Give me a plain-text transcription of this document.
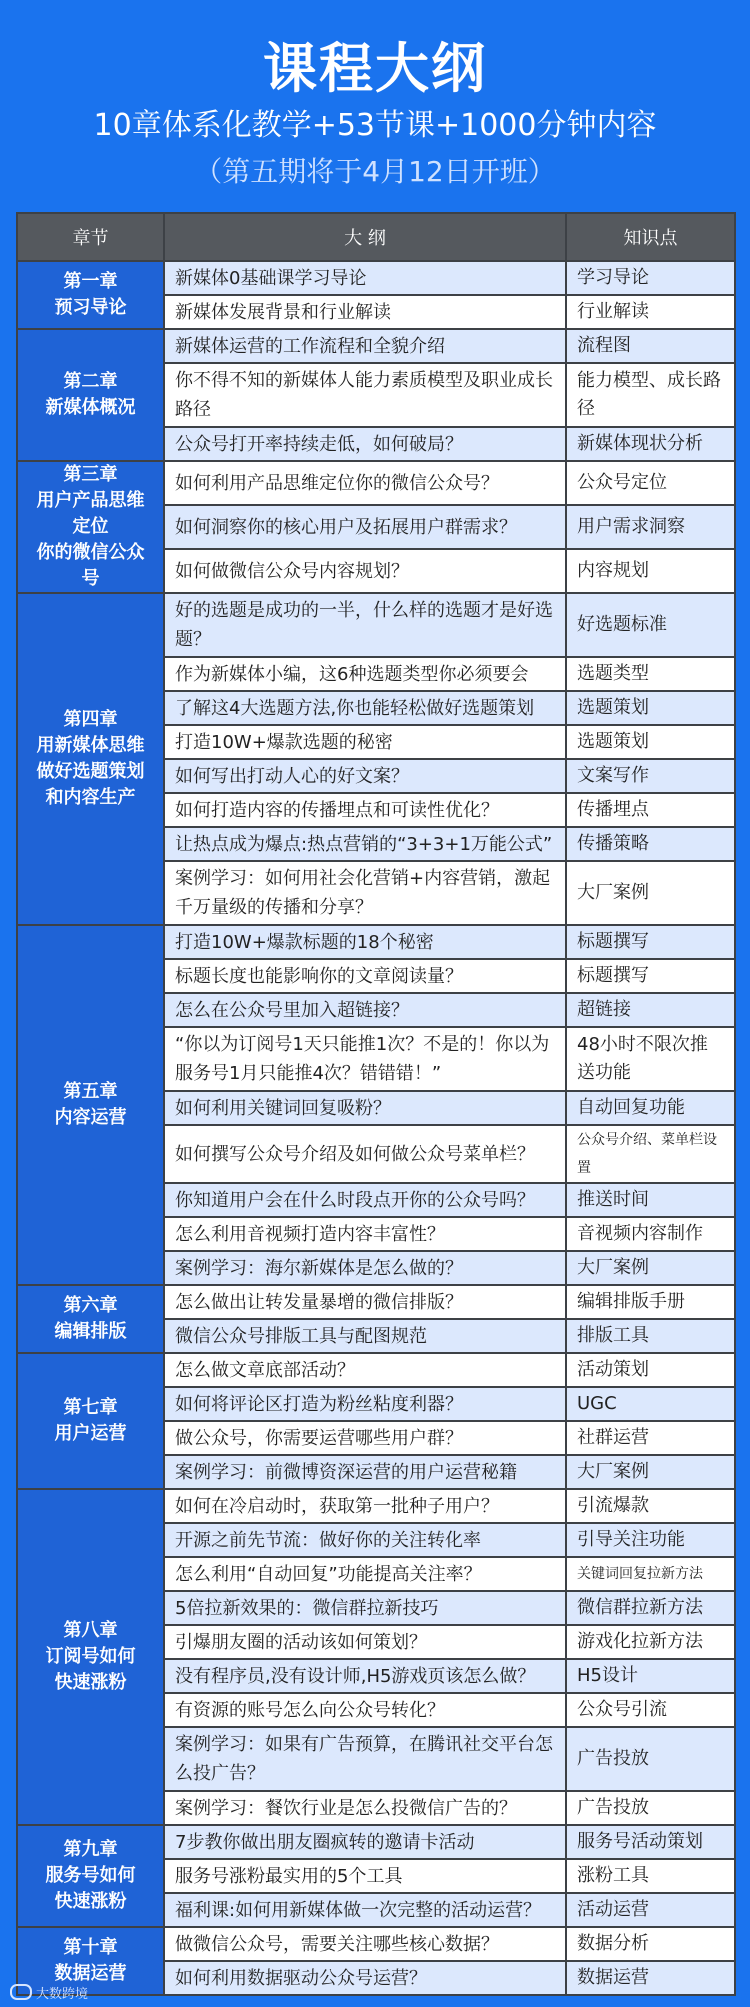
课程大纲
10章体系化教学+53节课+1000分钟内容
（第五期将于4月12日开班）
章节	大 纲	知识点

第一章
预习导论	新媒体0基础课学习导论	学习导论
	新媒体发展背景和行业解读	行业解读

第二章
新媒体概况	新媒体运营的工作流程和全貌介绍	流程图
	你不得不知的新媒体人能力素质模型及职业成长路径	能力模型、成长路径
	公众号打开率持续走低，如何破局？	新媒体现状分析

第三章
用户产品思维定位
你的微信公众号	如何利用产品思维定位你的微信公众号？	公众号定位
	如何洞察你的核心用户及拓展用户群需求？	用户需求洞察
	如何做微信公众号内容规划？	内容规划

第四章
用新媒体思维
做好选题策划
和内容生产	好的选题是成功的一半，什么样的选题才是好选题？	好选题标准
	作为新媒体小编，这6种选题类型你必须要会	选题类型
	了解这4大选题方法,你也能轻松做好选题策划	选题策划
	打造10W+爆款选题的秘密	选题策划
	如何写出打动人心的好文案？	文案写作
	如何打造内容的传播埋点和可读性优化？	传播埋点
	让热点成为爆点:热点营销的“3+3+1万能公式”	传播策略
	案例学习：如何用社会化营销+内容营销，激起千万量级的传播和分享？	大厂案例

第五章
内容运营	打造10W+爆款标题的18个秘密	标题撰写
	标题长度也能影响你的文章阅读量？	标题撰写
	怎么在公众号里加入超链接？	超链接
	“你以为订阅号1天只能推1次？不是的！你以为服务号1月只能推4次？错错错！”	48小时不限次推送功能
	如何利用关键词回复吸粉？	自动回复功能
	如何撰写公众号介绍及如何做公众号菜单栏？	公众号介绍、菜单栏设置
	你知道用户会在什么时段点开你的公众号吗？	推送时间
	怎么利用音视频打造内容丰富性？	音视频内容制作
	案例学习：海尔新媒体是怎么做的？	大厂案例

第六章
编辑排版	怎么做出让转发量暴增的微信排版？	编辑排版手册
	微信公众号排版工具与配图规范	排版工具

第七章
用户运营	怎么做文章底部活动？	活动策划
	如何将评论区打造为粉丝粘度利器？	UGC
	做公众号，你需要运营哪些用户群？	社群运营
	案例学习：前微博资深运营的用户运营秘籍	大厂案例

第八章
订阅号如何
快速涨粉	如何在冷启动时，获取第一批种子用户？	引流爆款
	开源之前先节流：做好你的关注转化率	引导关注功能
	怎么利用“自动回复”功能提高关注率？	关键词回复拉新方法
	5倍拉新效果的：微信群拉新技巧	微信群拉新方法
	引爆朋友圈的活动该如何策划？	游戏化拉新方法
	没有程序员,没有设计师,H5游戏页该怎么做？	H5设计
	有资源的账号怎么向公众号转化？	公众号引流
	案例学习：如果有广告预算，在腾讯社交平台怎么投广告？	广告投放
	案例学习：餐饮行业是怎么投微信广告的？	广告投放

第九章
服务号如何
快速涨粉	7步教你做出朋友圈疯转的邀请卡活动	服务号活动策划
	服务号涨粉最实用的5个工具	涨粉工具
	福利课:如何用新媒体做一次完整的活动运营？	活动运营

第十章
数据运营	做微信公众号，需要关注哪些核心数据？	数据分析
	如何利用数据驱动公众号运营？	数据运营
大数跨境
